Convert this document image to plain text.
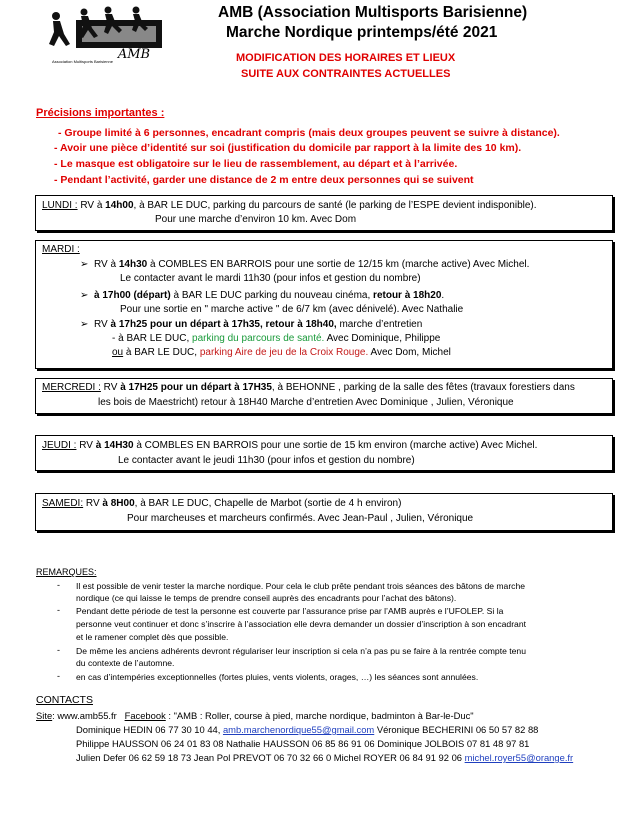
AMB
Association Multisports Barisienne
AMB (Association Multisports Barisienne)
Marche Nordique printemps/été 2021
MODIFICATION DES HORAIRES ET LIEUX
SUITE AUX CONTRAINTES ACTUELLES
Précisions importantes :
- Groupe limité à 6 personnes, encadrant compris (mais deux groupes peuvent se suivre à distance).
- Avoir une pièce d’identité sur soi (justification du domicile par rapport à la limite des 10 km).
- Le masque est obligatoire sur le lieu de rassemblement, au départ et à l’arrivée.
- Pendant l’activité, garder une distance de 2 m entre deux personnes qui se suivent
LUNDI : RV à 14h00, à BAR LE DUC, parking du parcours de santé (le parking de l’ESPE devient indisponible).
Pour une marche d’environ 10 km. Avec Dom
MARDI :
➢ RV à 14h30 à COMBLES EN BARROIS pour une sortie de 12/15 km (marche active) Avec Michel.
Le contacter avant le mardi 11h30 (pour infos et gestion du nombre)
➢ à 17h00 (départ) à BAR LE DUC parking du nouveau cinéma, retour à 18h20.
Pour une sortie en " marche active " de 6/7 km (avec dénivelé). Avec Nathalie
➢ RV à 17h25 pour un départ à 17h35, retour à 18h40, marche d’entretien
- à BAR LE DUC, parking du parcours de santé. Avec Dominique, Philippe
ou à BAR LE DUC, parking Aire de jeu de la Croix Rouge. Avec Dom, Michel
MERCREDI : RV à 17H25 pour un départ à 17H35, à BEHONNE , parking de la salle des fêtes (travaux forestiers dans
les bois de Maestricht) retour à 18H40 Marche d’entretien Avec Dominique , Julien, Véronique
JEUDI : RV à 14H30 à COMBLES EN BARROIS pour une sortie de 15 km environ (marche active) Avec Michel.
Le contacter avant le jeudi 11h30 (pour infos et gestion du nombre)
SAMEDI: RV à 8H00, à BAR LE DUC, Chapelle de Marbot (sortie de 4 h environ)
Pour marcheuses et marcheurs confirmés. Avec Jean-Paul , Julien, Véronique
REMARQUES:
- Il est possible de venir tester la marche nordique. Pour cela le club prête pendant trois séances des bâtons de marche
nordique (ce qui laisse le temps de prendre conseil auprès des encadrants pour l’achat des bâtons).
- Pendant dette période de test la personne est couverte par l’assurance prise par l’AMB auprès e l’UFOLEP. Si la
personne veut continuer et donc s’inscrire à l’association elle devra demander un dossier d’inscription à son encadrant
et le ramener complet dès que possible.
- De même les anciens adhérents devront régulariser leur inscription si cela n’a pas pu se faire à la rentrée compte tenu
du contexte de l’automne.
- en cas d’intempéries exceptionnelles (fortes pluies, vents violents, orages, …) les séances sont annulées.
CONTACTS
Site: www.amb55.fr Facebook : "AMB : Roller, course à pied, marche nordique, badminton à Bar-le-Duc"
Dominique HEDIN 06 77 30 10 44, amb.marchenordique55@gmail.com Véronique BECHERINI 06 50 57 82 88
Philippe HAUSSON 06 24 01 83 08 Nathalie HAUSSON 06 85 86 91 06 Dominique JOLBOIS 07 81 48 97 81
Julien Defer 06 62 59 18 73 Jean Pol PREVOT 06 70 32 66 0 Michel ROYER 06 84 91 92 06 michel.royer55@orange.fr
